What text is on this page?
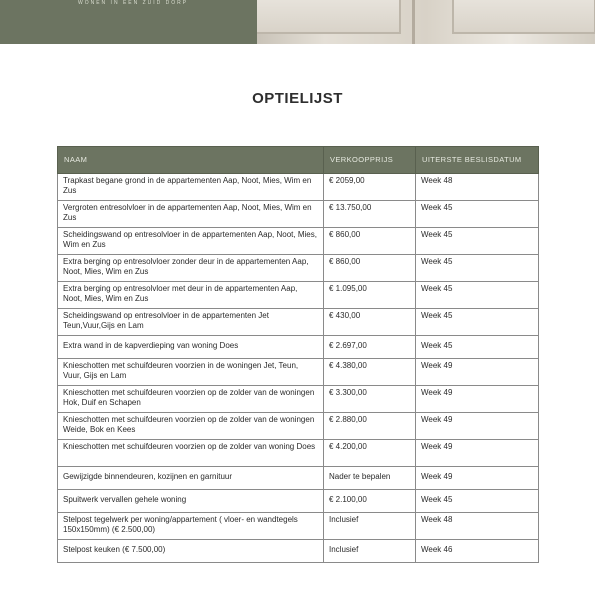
WONEN IN EEN ZUID DORP
OPTIELIJST
NAAM	VERKOOPPRIJS	UITERSTE BESLISDATUM
Trapkast begane grond in de appartementen Aap, Noot, Mies, Wim en Zus	€ 2059,00	Week 48
Vergroten entresolvloer in de appartementen Aap, Noot, Mies, Wim en Zus	€ 13.750,00	Week 45
Scheidingswand op entresolvloer in de appartementen Aap, Noot, Mies, Wim en Zus	€ 860,00	Week 45
Extra berging op entresolvloer zonder deur in de appartementen Aap, Noot, Mies, Wim en Zus	€ 860,00	Week 45
Extra berging op entresolvloer met deur in de appartementen Aap, Noot, Mies, Wim en Zus	€ 1.095,00	Week 45
Scheidingswand op entresolvloer in de appartementen Jet Teun,Vuur,Gijs en Lam	€ 430,00	Week 45
Extra wand in de kapverdieping van woning Does	€ 2.697,00	Week 45
Knieschotten met schuifdeuren voorzien in de woningen Jet, Teun, Vuur, Gijs en Lam	€ 4.380,00	Week 49
Knieschotten met schuifdeuren voorzien op de zolder van de woningen Hok, Duif en Schapen	€ 3.300,00	Week 49
Knieschotten met schuifdeuren voorzien op de zolder van de woningen Weide, Bok en Kees	€ 2.880,00	Week 49
Knieschotten met schuifdeuren voorzien op de zolder van woning Does	€ 4.200,00	Week 49
Gewijzigde binnendeuren, kozijnen en garnituur	Nader te bepalen	Week 49
Spuitwerk vervallen gehele woning	€ 2.100,00	Week 45
Stelpost tegelwerk per woning/appartement ( vloer- en wandtegels 150x150mm) (€ 2.500,00)	Inclusief	Week 48
Stelpost keuken (€ 7.500,00)	Inclusief	Week 46
